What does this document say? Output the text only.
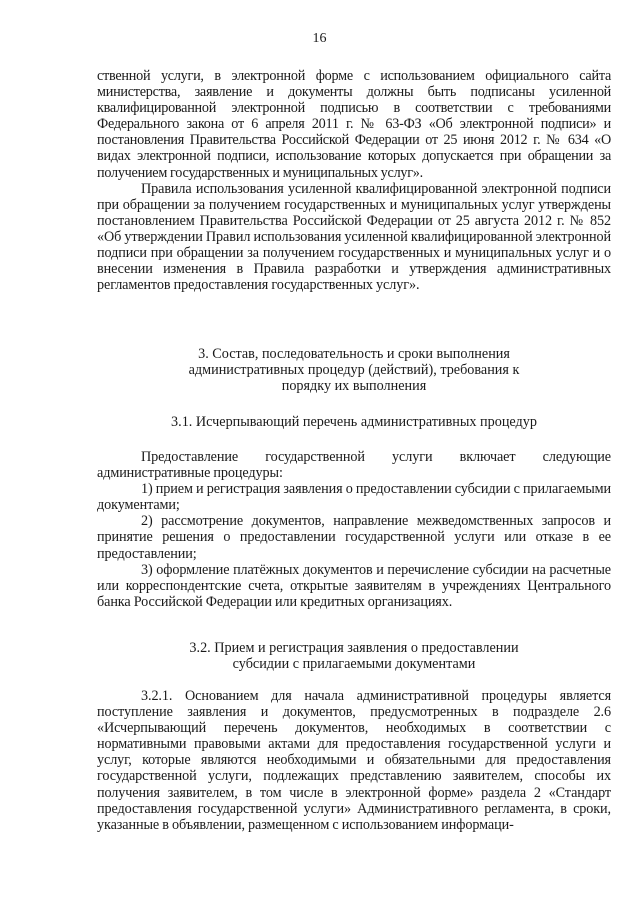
16

ственной услуги, в электронной форме с использованием официального сайта министерства, заявление и документы должны быть подписаны усиленной квалифицированной электронной подписью в соответствии с требованиями Федерального закона от 6 апреля 2011 г. № 63-ФЗ «Об электронной подписи» и постановления Правительства Российской Федерации от 25 июня 2012 г. № 634 «О видах электронной подписи, использование которых допускается при обращении за получением государственных и муниципальных услуг».

Правила использования усиленной квалифицированной электронной подписи при обращении за получением государственных и муниципальных услуг утверждены постановлением Правительства Российской Федерации от 25 августа 2012 г. № 852 «Об утверждении Правил использования усиленной квалифицированной электронной подписи при обращении за получением государственных и муниципальных услуг и о внесении изменения в Правила разработки и утверждения административных регламентов предоставления государственных услуг».

3. Состав, последовательность и сроки выполнения
административных процедур (действий), требования к
порядку их выполнения
3.1. Исчерпывающий перечень административных процедур

Предоставление государственной услуги включает следующие административные процедуры:

1) прием и регистрация заявления о предоставлении субсидии с прилагаемыми документами;

2) рассмотрение документов, направление межведомственных запросов и принятие решения о предоставлении государственной услуги или отказе в ее предоставлении;

3) оформление платёжных документов и перечисление субсидии на расчетные или корреспондентские счета, открытые заявителям в учреждениях Центрального банка Российской Федерации или кредитных организациях.

3.2. Прием и регистрация заявления о предоставлении
субсидии с прилагаемыми документами

3.2.1. Основанием для начала административной процедуры является поступление заявления и документов, предусмотренных в подразделе 2.6 «Исчерпывающий перечень документов, необходимых в соответствии с нормативными правовыми актами для предоставления государственной услуги и услуг, которые являются необходимыми и обязательными для предоставления государственной услуги, подлежащих представлению заявителем, способы их получения заявителем, в том числе в электронной форме» раздела 2 «Стандарт предоставления государственной услуги» Административного регламента, в сроки, указанные в объявлении, размещенном с использованием информаци-
